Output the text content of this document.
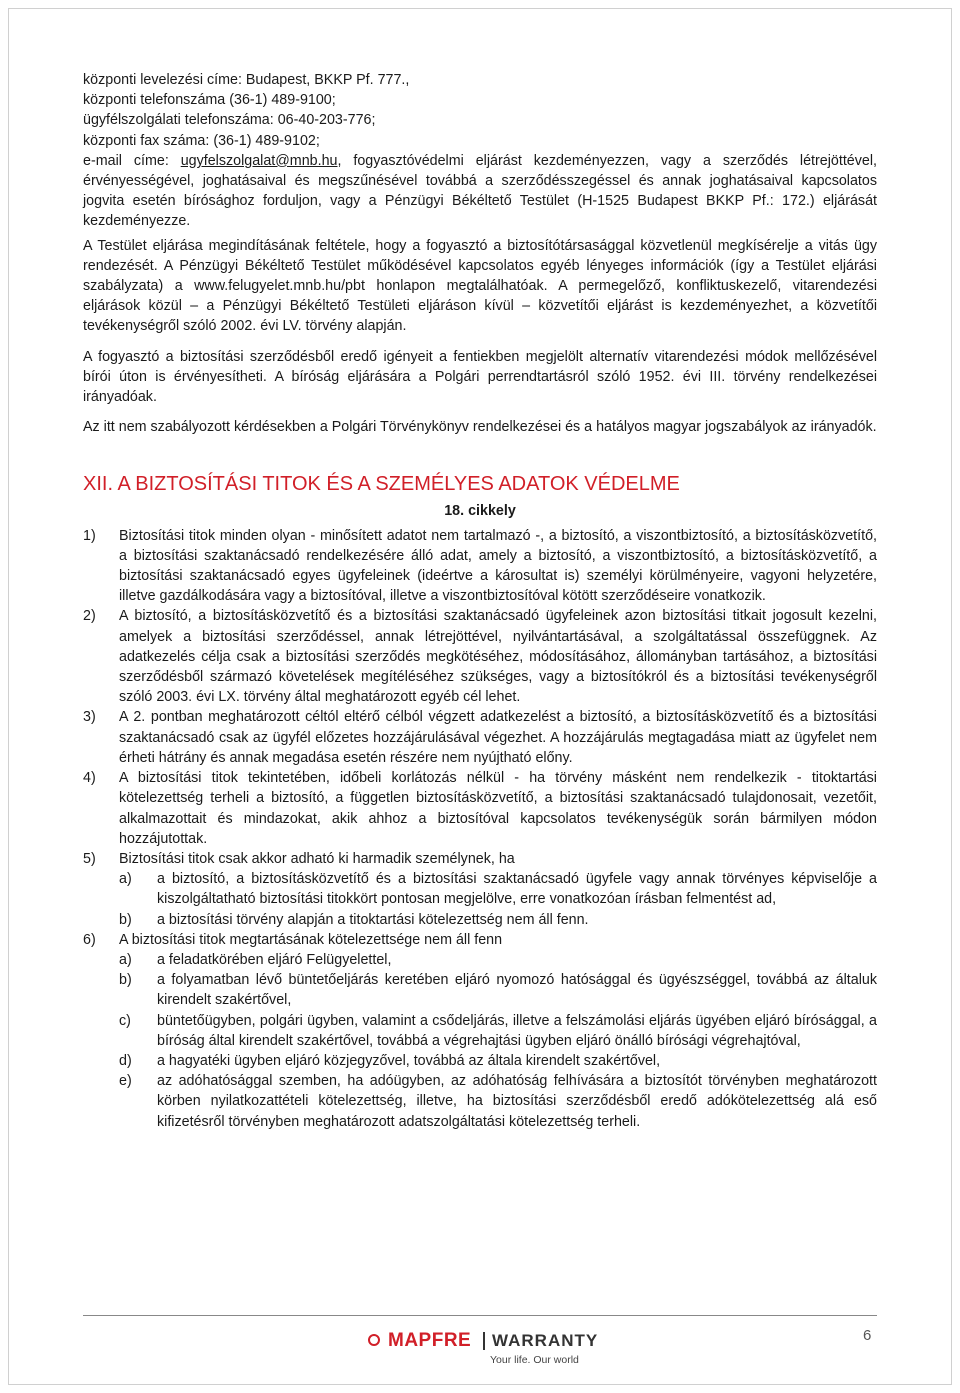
központi levelezési címe: Budapest, BKKP Pf. 777.,
központi telefonszáma (36-1) 489-9100;
ügyfélszolgálati telefonszáma: 06-40-203-776;
központi fax száma: (36-1) 489-9102;
e-mail címe: ugyfelszolgalat@mnb.hu, fogyasztóvédelmi eljárást kezdeményezzen, vagy a szerződés létrejöttével, érvényességével, joghatásaival és megszűnésével továbbá a szerződésszegéssel és annak joghatásaival kapcsolatos jogvita esetén bírósághoz forduljon, vagy a Pénzügyi Békéltető Testület (H-1525 Budapest BKKP Pf.: 172.) eljárását kezdeményezze.

A Testület eljárása megindításának feltétele, hogy a fogyasztó a biztosítótársasággal közvetlenül megkísérelje a vitás ügy rendezését. A Pénzügyi Békéltető Testület működésével kapcsolatos egyéb lényeges információk (így a Testület eljárási szabályzata) a www.felugyelet.mnb.hu/pbt honlapon megtalálhatóak. A permegelőző, konfliktuskezelő, vitarendezési eljárások közül – a Pénzügyi Békéltető Testületi eljáráson kívül – közvetítői eljárást is kezdeményezhet, a közvetítői tevékenységről szóló 2002. évi LV. törvény alapján.

A fogyasztó a biztosítási szerződésből eredő igényeit a fentiekben megjelölt alternatív vitarendezési módok mellőzésével bírói úton is érvényesítheti. A bíróság eljárására a Polgári perrendtartásról szóló 1952. évi III. törvény rendelkezései irányadóak.

Az itt nem szabályozott kérdésekben a Polgári Törvénykönyv rendelkezései és a hatályos magyar jogszabályok az irányadók.

XII. A BIZTOSÍTÁSI TITOK ÉS A SZEMÉLYES ADATOK VÉDELME
18. cikkely
1) Biztosítási titok minden olyan - minősített adatot nem tartalmazó -, a biztosító, a viszontbiztosító, a biztosításközvetítő, a biztosítási szaktanácsadó rendelkezésére álló adat, amely a biztosító, a viszontbiztosító, a biztosításközvetítő, a biztosítási szaktanácsadó egyes ügyfeleinek (ideértve a károsultat is) személyi körülményeire, vagyoni helyzetére, illetve gazdálkodására vagy a biztosítóval, illetve a viszontbiztosítóval kötött szerződéseire vonatkozik.
2) A biztosító, a biztosításközvetítő és a biztosítási szaktanácsadó ügyfeleinek azon biztosítási titkait jogosult kezelni, amelyek a biztosítási szerződéssel, annak létrejöttével, nyilvántartásával, a szolgáltatással összefüggnek. Az adatkezelés célja csak a biztosítási szerződés megkötéséhez, módosításához, állományban tartásához, a biztosítási szerződésből származó követelések megítéléséhez szükséges, vagy a biztosítókról és a biztosítási tevékenységről szóló 2003. évi LX. törvény által meghatározott egyéb cél lehet.
3) A 2. pontban meghatározott céltól eltérő célból végzett adatkezelést a biztosító, a biztosításközvetítő és a biztosítási szaktanácsadó csak az ügyfél előzetes hozzájárulásával végezhet. A hozzájárulás megtagadása miatt az ügyfelet nem érheti hátrány és annak megadása esetén részére nem nyújtható előny.
4) A biztosítási titok tekintetében, időbeli korlátozás nélkül - ha törvény másként nem rendelkezik - titoktartási kötelezettség terheli a biztosító, a független biztosításközvetítő, a biztosítási szaktanácsadó tulajdonosait, vezetőit, alkalmazottait és mindazokat, akik ahhoz a biztosítóval kapcsolatos tevékenységük során bármilyen módon hozzájutottak.
5) Biztosítási titok csak akkor adható ki harmadik személynek, ha
a) a biztosító, a biztosításközvetítő és a biztosítási szaktanácsadó ügyfele vagy annak törvényes képviselője a kiszolgáltatható biztosítási titokkört pontosan megjelölve, erre vonatkozóan írásban felmentést ad,
b) a biztosítási törvény alapján a titoktartási kötelezettség nem áll fenn.
6) A biztosítási titok megtartásának kötelezettsége nem áll fenn
a) a feladatkörében eljáró Felügyelettel,
b) a folyamatban lévő büntetőeljárás keretében eljáró nyomozó hatósággal és ügyészséggel, továbbá az általuk kirendelt szakértővel,
c) büntetőügyben, polgári ügyben, valamint a csődeljárás, illetve a felszámolási eljárás ügyében eljáró bírósággal, a bíróság által kirendelt szakértővel, továbbá a végrehajtási ügyben eljáró önálló bírósági végrehajtóval,
d) a hagyatéki ügyben eljáró közjegyzővel, továbbá az általa kirendelt szakértővel,
e) az adóhatósággal szemben, ha adóügyben, az adóhatóság felhívására a biztosítót törvényben meghatározott körben nyilatkozattételi kötelezettség, illetve, ha biztosítási szerződésből eredő adókötelezettség alá eső kifizetésről törvényben meghatározott adatszolgáltatási kötelezettség terheli.
MAPFRE WARRANTY
Your life. Our world
6
